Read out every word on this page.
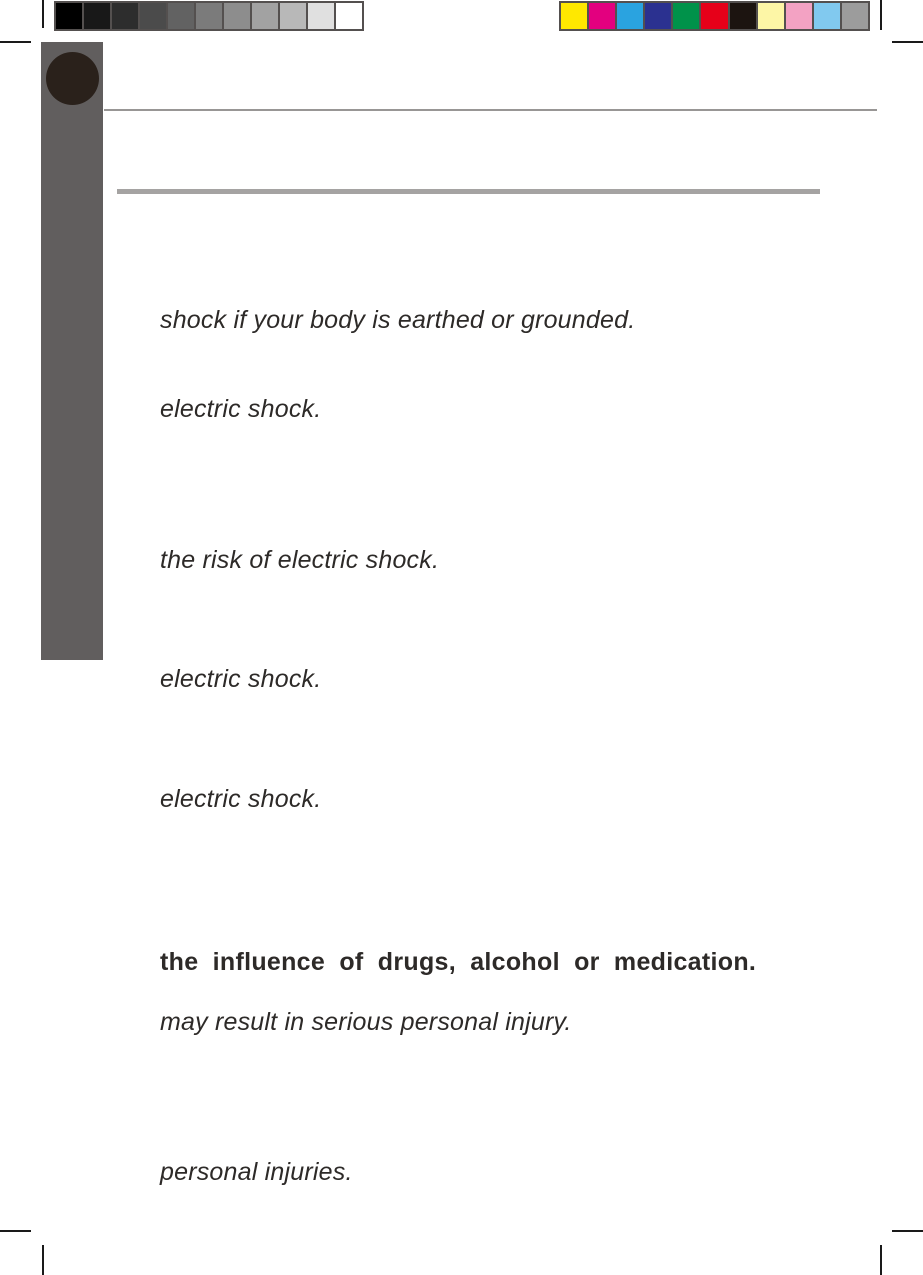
shock if your body is earthed or grounded.
electric shock.
the risk of electric shock.
electric shock.
electric shock.
the influence of drugs, alcohol or medication.
may result in serious personal injury.
personal injuries.
